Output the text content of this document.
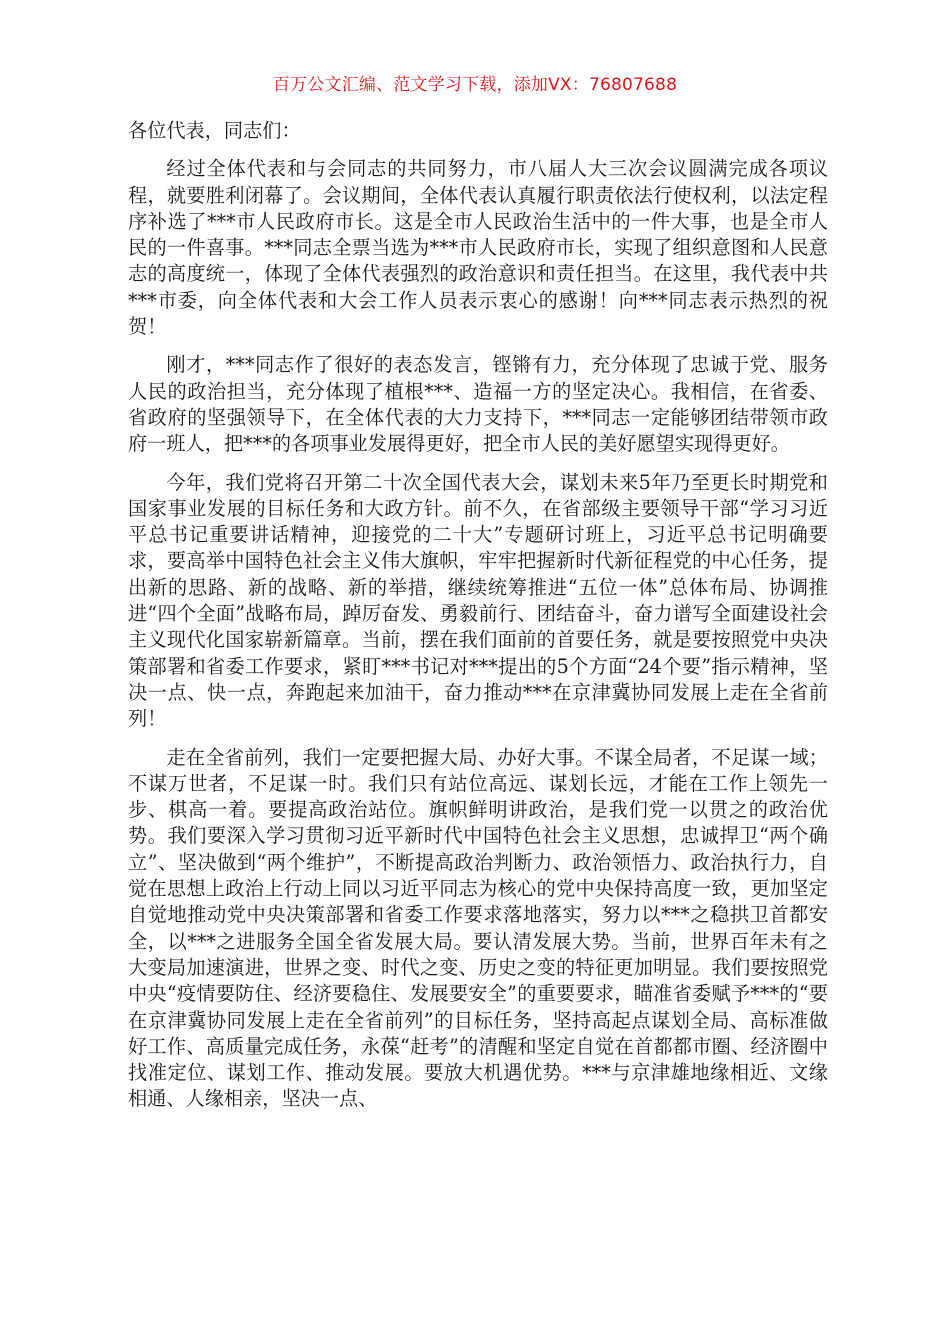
百万公文汇编、范文学习下载，添加VX：76807688

各位代表，同志们：

经过全体代表和与会同志的共同努力，市八届人大三次会议圆满完成各项议程，就要胜利闭幕了。会议期间，全体代表认真履行职责依法行使权利，以法定程序补选了***市人民政府市长。这是全市人民政治生活中的一件大事，也是全市人民的一件喜事。***同志全票当选为***市人民政府市长，实现了组织意图和人民意志的高度统一，体现了全体代表强烈的政治意识和责任担当。在这里，我代表中共***市委，向全体代表和大会工作人员表示衷心的感谢！向***同志表示热烈的祝贺！

刚才，***同志作了很好的表态发言，铿锵有力，充分体现了忠诚于党、服务人民的政治担当，充分体现了植根***、造福一方的坚定决心。我相信，在省委、省政府的坚强领导下，在全体代表的大力支持下，***同志一定能够团结带领市政府一班人，把***的各项事业发展得更好，把全市人民的美好愿望实现得更好。

今年，我们党将召开第二十次全国代表大会，谋划未来5年乃至更长时期党和国家事业发展的目标任务和大政方针。前不久，在省部级主要领导干部“学习习近平总书记重要讲话精神，迎接党的二十大”专题研讨班上，习近平总书记明确要求，要高举中国特色社会主义伟大旗帜，牢牢把握新时代新征程党的中心任务，提出新的思路、新的战略、新的举措，继续统筹推进“五位一体”总体布局、协调推进“四个全面”战略布局，踔厉奋发、勇毅前行、团结奋斗，奋力谱写全面建设社会主义现代化国家崭新篇章。当前，摆在我们面前的首要任务，就是要按照党中央决策部署和省委工作要求，紧盯***书记对***提出的5个方面“24个要”指示精神，坚决一点、快一点，奔跑起来加油干，奋力推动***在京津冀协同发展上走在全省前列！

走在全省前列，我们一定要把握大局、办好大事。不谋全局者，不足谋一域；不谋万世者，不足谋一时。我们只有站位高远、谋划长远，才能在工作上领先一步、棋高一着。要提高政治站位。旗帜鲜明讲政治，是我们党一以贯之的政治优势。我们要深入学习贯彻习近平新时代中国特色社会主义思想，忠诚捍卫“两个确立”、坚决做到“两个维护”，不断提高政治判断力、政治领悟力、政治执行力，自觉在思想上政治上行动上同以习近平同志为核心的党中央保持高度一致，更加坚定自觉地推动党中央决策部署和省委工作要求落地落实，努力以***之稳拱卫首都安全，以***之进服务全国全省发展大局。要认清发展大势。当前，世界百年未有之大变局加速演进，世界之变、时代之变、历史之变的特征更加明显。我们要按照党中央“疫情要防住、经济要稳住、发展要安全”的重要要求，瞄准省委赋予***的“要在京津冀协同发展上走在全省前列”的目标任务，坚持高起点谋划全局、高标准做好工作、高质量完成任务，永葆“赶考”的清醒和坚定自觉在首都都市圈、经济圈中找准定位、谋划工作、推动发展。要放大机遇优势。***与京津雄地缘相近、文缘相通、人缘相亲，坚决一点、
